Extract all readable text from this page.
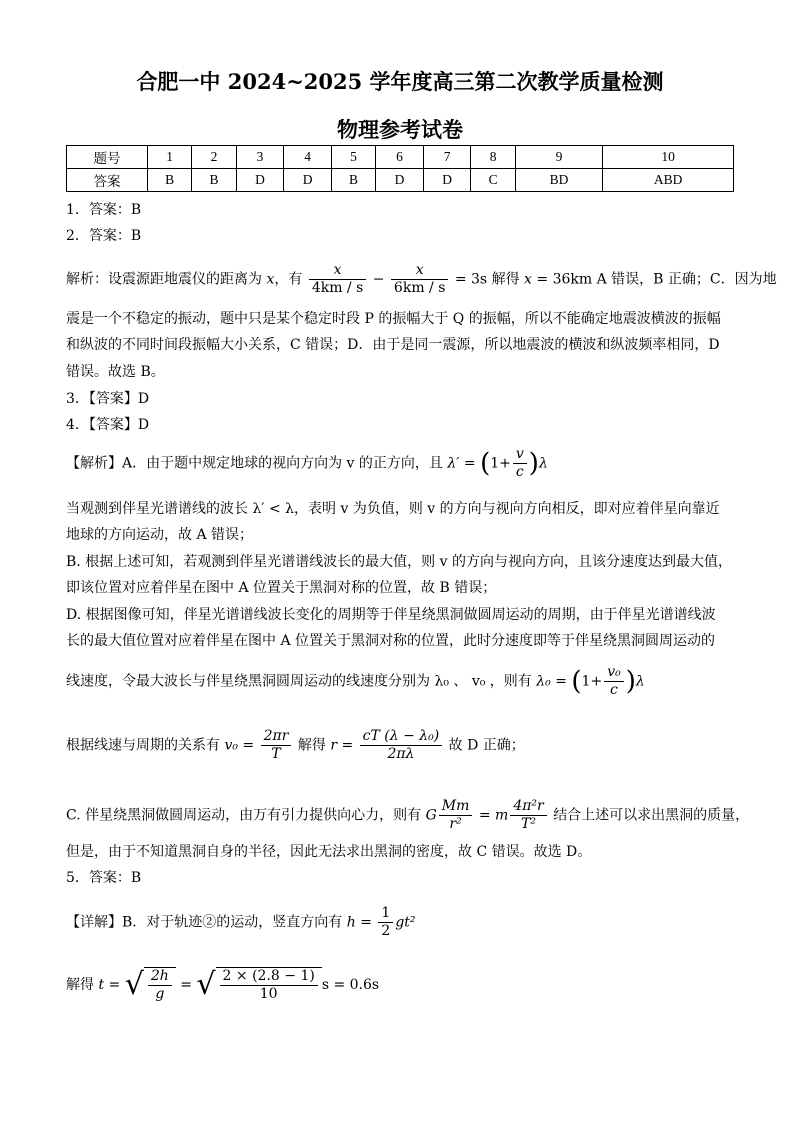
合肥一中 2024~2025 学年度高三第二次教学质量检测
物理参考试卷
题号	1	2	3	4	5	6	7	8	9	10
答案	B	B	D	D	B	D	D	C	BD	ABD
1．答案：B
2．答案：B
解析：设震源距地震仪的距离为 x，有 $\frac{x}{4km / s} - \frac{x}{6km / s} = 3s$ 解得 x = 36km A 错误，B 正确；C．因为地
震是一个不稳定的振动，题中只是某个稳定时段 P 的振幅大于 Q 的振幅，所以不能确定地震波横波的振幅
和纵波的不同时间段振幅大小关系，C 错误；D．由于是同一震源，所以地震波的横波和纵波频率相同，D
错误。故选 B。
3．【答案】D
4．【答案】D
【解析】A．由于题中规定地球的视向方向为 v 的正方向，且 $\lambda' = (1+ \frac{v}{c} )\lambda$
当观测到伴星光谱谱线的波长 λ′ < λ，表明 v 为负值，则 v 的方向与视向方向相反，即对应着伴星向靠近
地球的方向运动，故 A 错误；
B. 根据上述可知，若观测到伴星光谱谱线波长的最大值，则 v 的方向与视向方向，且该分速度达到最大值，
即该位置对应着伴星在图中 A 位置关于黑洞对称的位置，故 B 错误；
D. 根据图像可知，伴星光谱谱线波长变化的周期等于伴星绕黑洞做圆周运动的周期，由于伴星光谱谱线波
长的最大值位置对应着伴星在图中 A 位置关于黑洞对称的位置，此时分速度即等于伴星绕黑洞圆周运动的
线速度，令最大波长与伴星绕黑洞圆周运动的线速度分别为 λ₀ 、 v₀ ，则有 $\lambda_0 = (1+ \frac{\text{v₀}}{c} )\lambda$
根据线速与周期的关系有 $v_0 = \frac{2\pi r}{T}$ 解得 $r = \frac{\text{cT (λ − λ₀)}}{2\pi\lambda}$ 故 D 正确；
C. 伴星绕黑洞做圆周运动，由万有引力提供向心力，则有 G $\frac{Mm}{\text{r²}} = m \frac{\text{4π²r}}{\text{T²}}$ 结合上述可以求出黑洞的质量，
但是，由于不知道黑洞自身的半径，因此无法求出黑洞的密度，故 C 错误。故选 D。
5．答案：B
【详解】B．对于轨迹②的运动，竖直方向有 $h = \frac{1}{2} gt^2$
解得 t = √ $\frac{2h}{g}$ = √ $\frac{2 \times (2.8 - 1)}{10}$ s = 0.6s
